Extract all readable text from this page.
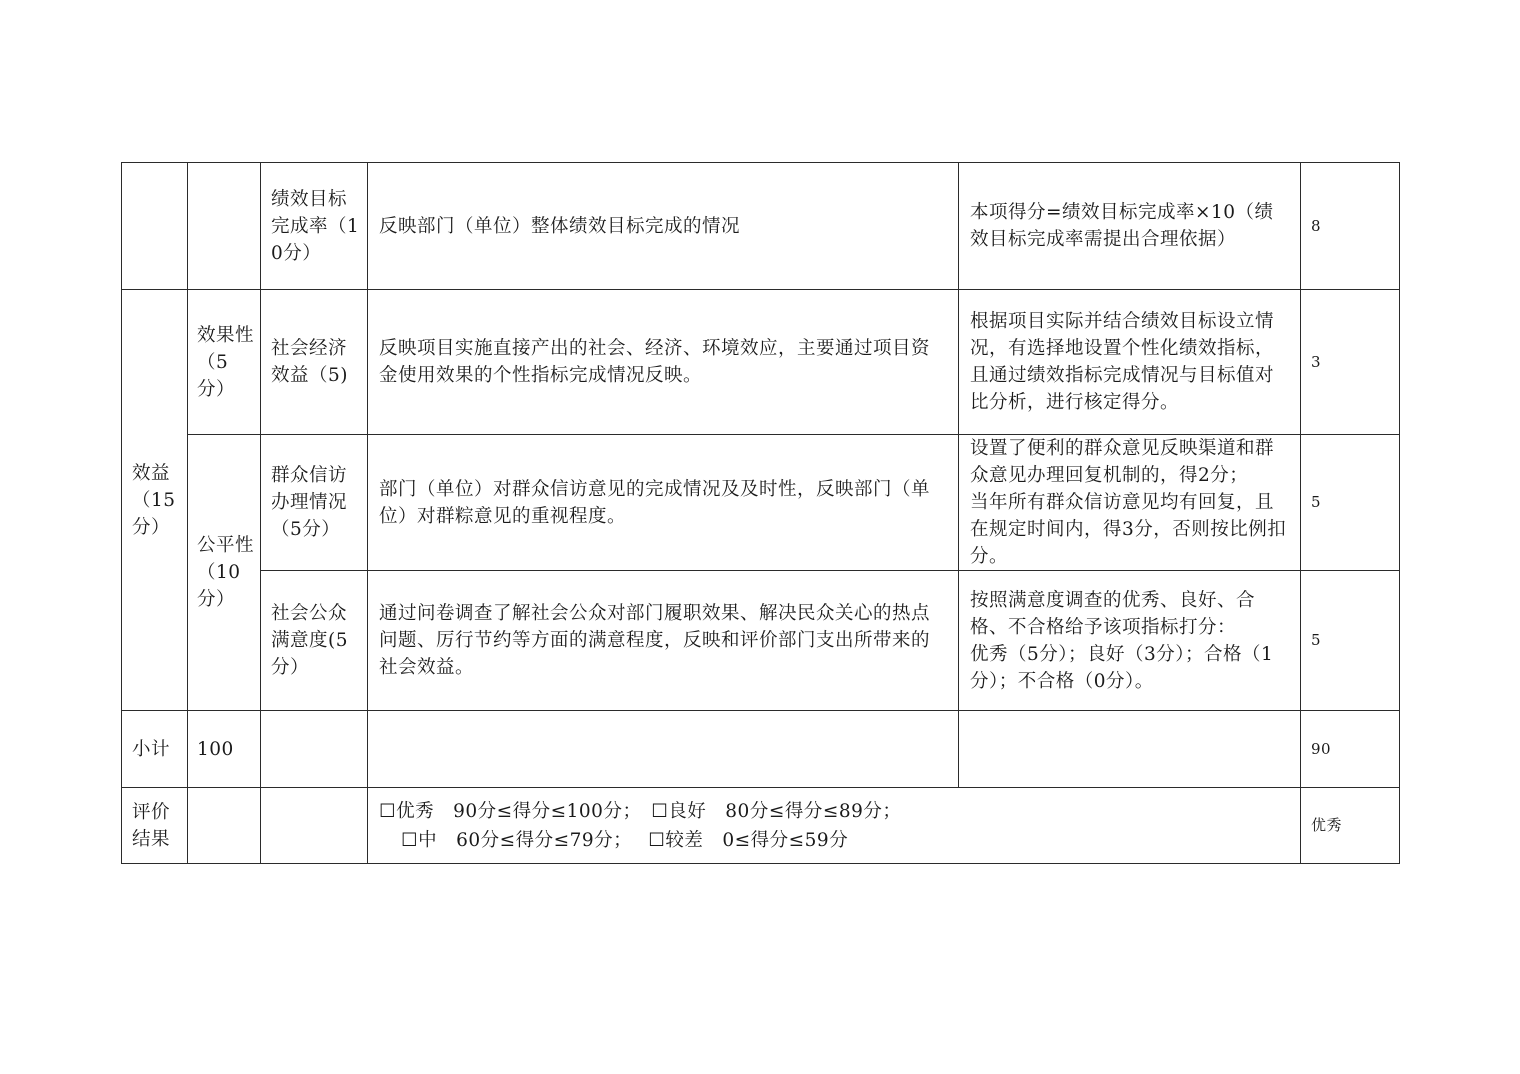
		绩效目标完成率（10分）	反映部门（单位）整体绩效目标完成的情况	本项得分=绩效目标完成率×10（绩效目标完成率需提出合理依据）	8
效益（15分）	效果性（5分）	社会经济效益（5)	反映项目实施直接产出的社会、经济、环境效应，主要通过项目资金使用效果的个性指标完成情况反映。	根据项目实际并结合绩效目标设立情况，有选择地设置个性化绩效指标，且通过绩效指标完成情况与目标值对比分析，进行核定得分。	3
	公平性（10分）	群众信访办理情况（5分）	部门（单位）对群众信访意见的完成情况及及时性，反映部门（单位）对群粽意见的重视程度。	设置了便利的群众意见反映渠道和群众意见办理回复机制的，得2分；
当年所有群众信访意见均有回复，且在规定时间内，得3分，否则按比例扣分。	5
		社会公众满意度(5分）	通过问卷调查了解社会公众对部门履职效果、解决民众关心的热点问题、厉行节约等方面的满意程度，反映和评价部门支出所带来的社会效益。	按照满意度调查的优秀、良好、合格、不合格给予该项指标打分：
优秀（5分）；良好（3分）；合格（1分）；不合格（0分）。	5
小计	100				90
评价结果			☐优秀　90分≤得分≤100分；　☐良好　80分≤得分≤89分；
☐中　60分≤得分≤79分；　 ☐较差　0≤得分≤59分		优秀
